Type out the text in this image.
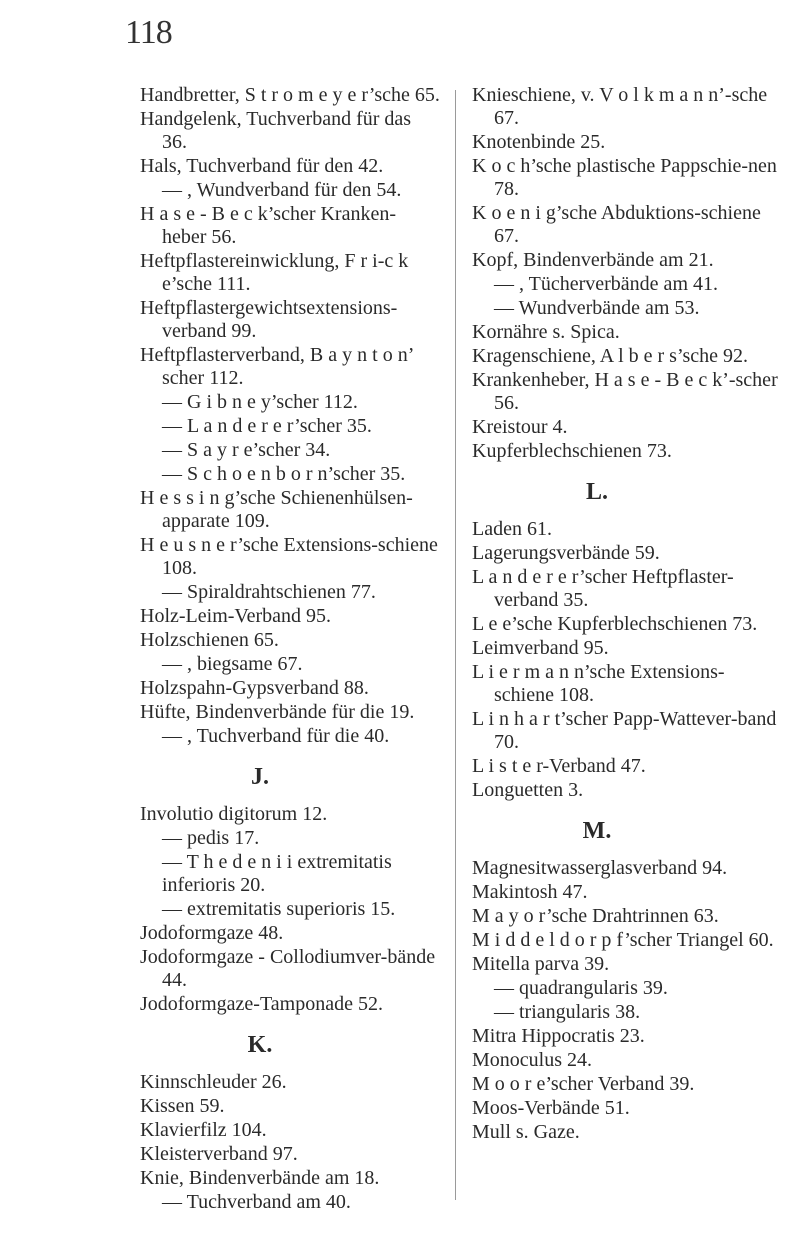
118
Handbretter, S t r o m e y e r’sche 65.
Handgelenk, Tuchverband für das 36.
Hals, Tuchverband für den 42.
— , Wundverband für den 54.
H a s e - B e c k’scher Kranken-heber 56.
Heftpflastereinwicklung, F r i-c k e’sche 111.
Heftpflastergewichtsextensions-verband 99.
Heftpflasterverband, B a y n t o n’ scher 112.
— G i b n e y’scher 112.
— L a n d e r e r’scher 35.
— S a y r e’scher 34.
— S c h o e n b o r n’scher 35.
H e s s i n g’sche Schienenhülsen-apparate 109.
H e u s n e r’sche Extensions-schiene 108.
— Spiraldrahtschienen 77.
Holz-Leim-Verband 95.
Holzschienen 65.
— , biegsame 67.
Holzspahn-Gypsverband 88.
Hüfte, Bindenverbände für die 19.
— , Tuchverband für die 40.
J.
Involutio digitorum 12.
— pedis 17.
— T h e d e n i i extremitatis inferioris 20.
— extremitatis superioris 15.
Jodoformgaze 48.
Jodoformgaze - Collodiumver-bände 44.
Jodoformgaze-Tamponade 52.
K.
Kinnschleuder 26.
Kissen 59.
Klavierfilz 104.
Kleisterverband 97.
Knie, Bindenverbände am 18.
— Tuchverband am 40.
Knieschiene, v. V o l k m a n n’-sche 67.
Knotenbinde 25.
K o c h’sche plastische Pappschie-nen 78.
K o e n i g’sche Abduktions-schiene 67.
Kopf, Bindenverbände am 21.
— , Tücherverbände am 41.
— Wundverbände am 53.
Kornähre s. Spica.
Kragenschiene, A l b e r s’sche 92.
Krankenheber, H a s e - B e c k’-scher 56.
Kreistour 4.
Kupferblechschienen 73.
L.
Laden 61.
Lagerungsverbände 59.
L a n d e r e r’scher Heftpflaster-verband 35.
L e e’sche Kupferblechschienen 73.
Leimverband 95.
L i e r m a n n’sche Extensions-schiene 108.
L i n h a r t’scher Papp-Wattever-band 70.
L i s t e r-Verband 47.
Longuetten 3.
M.
Magnesitwasserglasverband 94.
Makintosh 47.
M a y o r’sche Drahtrinnen 63.
M i d d e l d o r p f’scher Triangel 60.
Mitella parva 39.
— quadrangularis 39.
— triangularis 38.
Mitra Hippocratis 23.
Monoculus 24.
M o o r e’scher Verband 39.
Moos-Verbände 51.
Mull s. Gaze.
